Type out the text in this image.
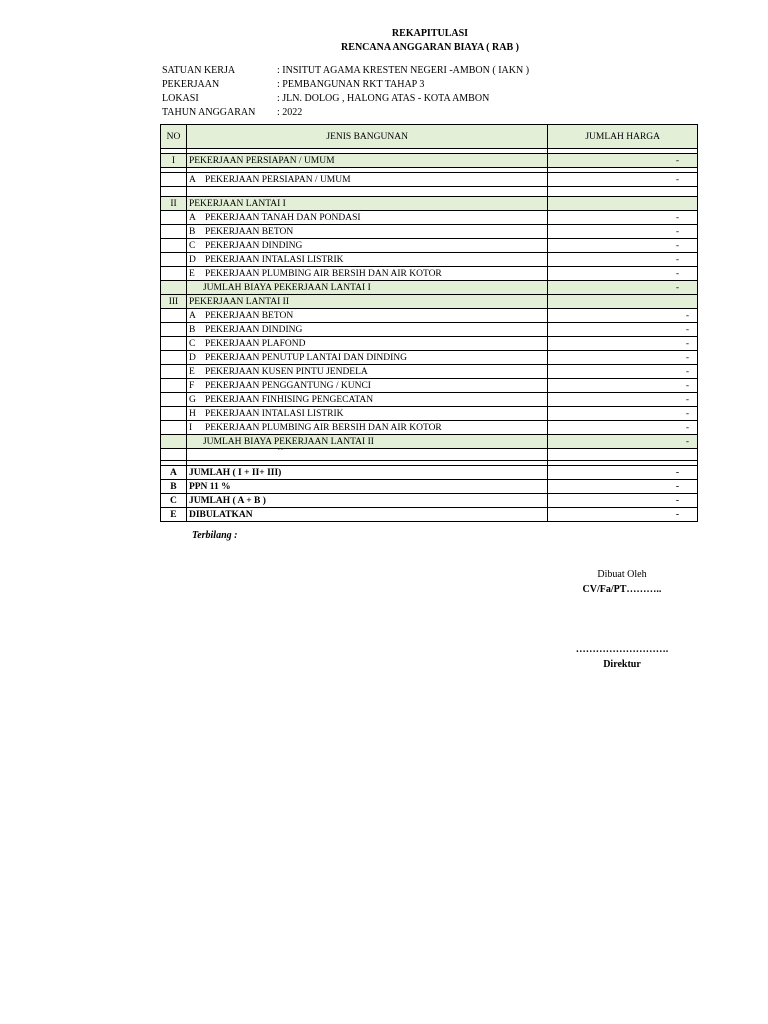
REKAPITULASI
RENCANA ANGGARAN BIAYA ( RAB )
SATUAN KERJA	: INSITUT AGAMA KRESTEN NEGERI -AMBON ( IAKN )
PEKERJAAN	: PEMBANGUNAN RKT TAHAP 3
LOKASI	: JLN. DOLOG , HALONG ATAS - KOTA AMBON
TAHUN ANGGARAN	: 2022
NO	JENIS BANGUNAN	JUMLAH HARGA

I	PEKERJAAN PERSIAPAN / UMUM	-

	A PEKERJAAN PERSIAPAN / UMUM	-

II	PEKERJAAN LANTAI I	
	A PEKERJAAN TANAH DAN PONDASI	-
	B PEKERJAAN BETON	-
	C PEKERJAAN DINDING	-
	D PEKERJAAN INTALASI LISTRIK	-
	E PEKERJAAN PLUMBING AIR BERSIH DAN AIR KOTOR	-
	JUMLAH BIAYA PEKERJAAN LANTAI I	-
III	PEKERJAAN LANTAI II	
	A PEKERJAAN BETON	-
	B PEKERJAAN DINDING	-
	C PEKERJAAN PLAFOND	-
	D PEKERJAAN PENUTUP LANTAI DAN DINDING	-
	E PEKERJAAN KUSEN PINTU JENDELA	-
	F PEKERJAAN PENGGANTUNG / KUNCI	-
	G PEKERJAAN FINHISING PENGECATAN	-
	H PEKERJAAN INTALASI LISTRIK	-
	I PEKERJAAN PLUMBING AIR BERSIH DAN AIR KOTOR	-
	JUMLAH BIAYA PEKERJAAN LANTAI II	-
	``	

A	JUMLAH ( I + II+ III)	-
B	PPN 11 %	-
C	JUMLAH ( A + B )	-
E	DIBULATKAN	-
Terbilang :
Dibuat Oleh
CV/Fa/PT………..
……………………….
Direktur
